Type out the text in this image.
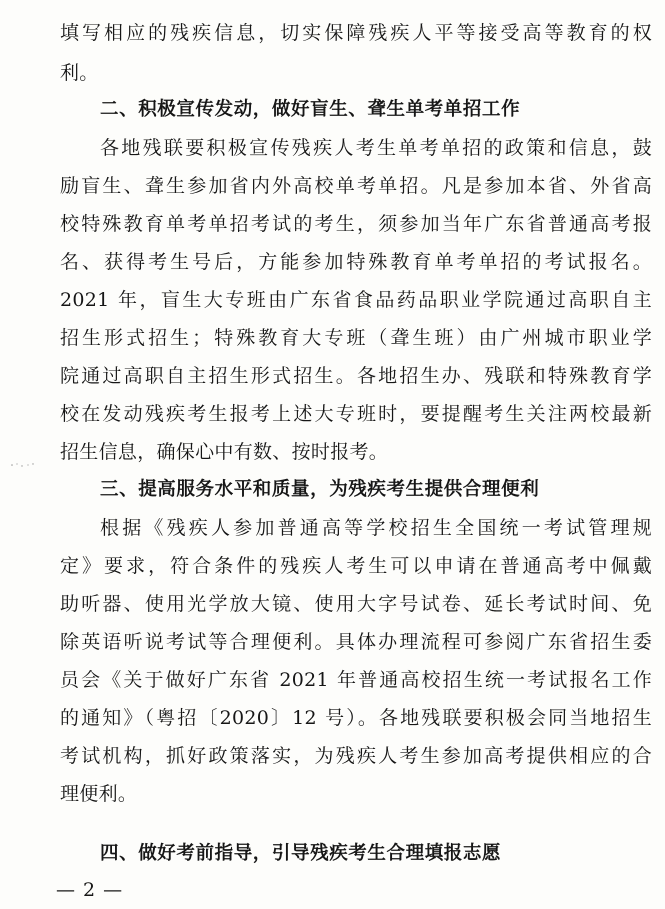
填写相应的残疾信息，切实保障残疾人平等接受高等教育的权
利。
二、积极宣传发动，做好盲生、聋生单考单招工作
各地残联要积极宣传残疾人考生单考单招的政策和信息，鼓
励盲生、聋生参加省内外高校单考单招。凡是参加本省、外省高
校特殊教育单考单招考试的考生，须参加当年广东省普通高考报
名、获得考生号后，方能参加特殊教育单考单招的考试报名。
2021 年，盲生大专班由广东省食品药品职业学院通过高职自主
招生形式招生；特殊教育大专班（聋生班）由广州城市职业学
院通过高职自主招生形式招生。各地招生办、残联和特殊教育学
校在发动残疾考生报考上述大专班时，要提醒考生关注两校最新
招生信息，确保心中有数、按时报考。
三、提高服务水平和质量，为残疾考生提供合理便利
根据《残疾人参加普通高等学校招生全国统一考试管理规
定》要求，符合条件的残疾人考生可以申请在普通高考中佩戴
助听器、使用光学放大镜、使用大字号试卷、延长考试时间、免
除英语听说考试等合理便利。具体办理流程可参阅广东省招生委
员会《关于做好广东省 2021 年普通高校招生统一考试报名工作
的通知》（粤招〔2020〕12 号）。各地残联要积极会同当地招生
考试机构，抓好政策落实，为残疾人考生参加高考提供相应的合
理便利。
四、做好考前指导，引导残疾考生合理填报志愿
— 2 —
